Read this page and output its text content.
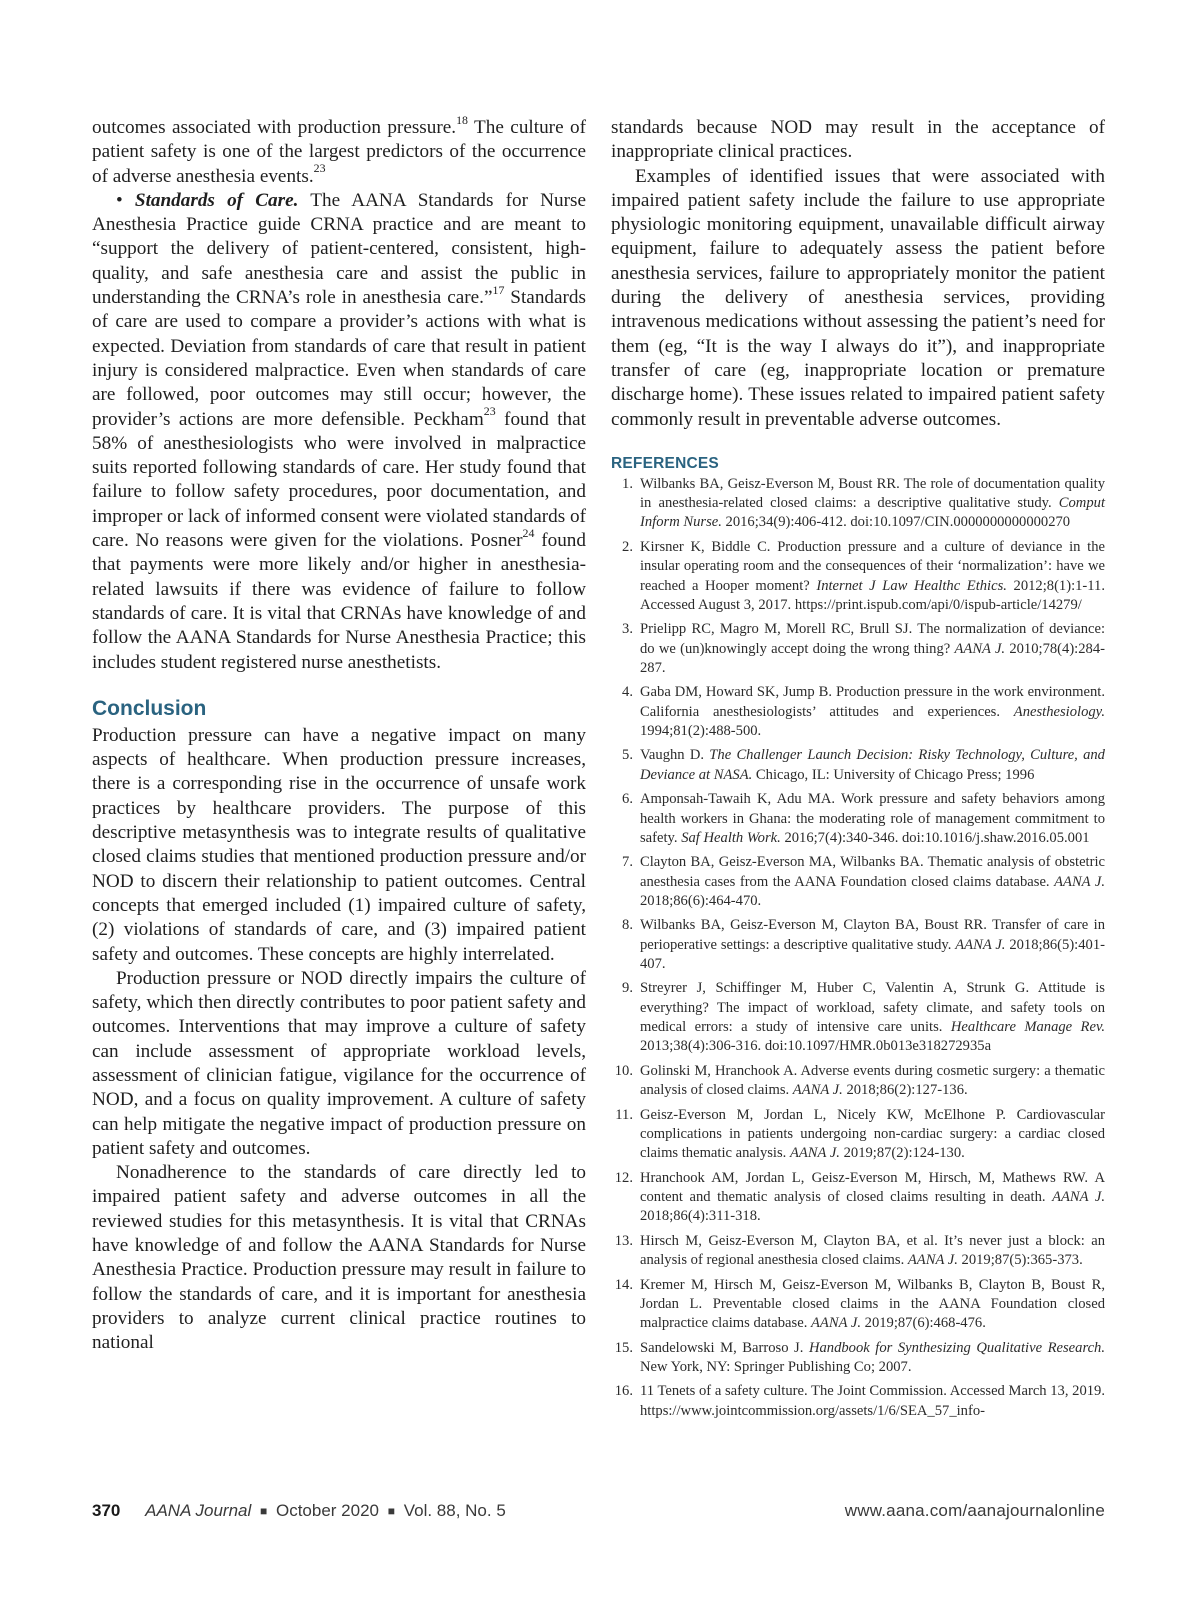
outcomes associated with production pressure.$^{18}$ The culture of patient safety is one of the largest predictors of the occurrence of adverse anesthesia events.$^{23}$

• Standards of Care. The AANA Standards for Nurse Anesthesia Practice guide CRNA practice and are meant to “support the delivery of patient-centered, consistent, high-quality, and safe anesthesia care and assist the public in understanding the CRNA’s role in anesthesia care.”$^{17}$ Standards of care are used to compare a provider’s actions with what is expected. Deviation from standards of care that result in patient injury is considered malpractice. Even when standards of care are followed, poor outcomes may still occur; however, the provider’s actions are more defensible. Peckham$^{23}$ found that 58% of anesthesiologists who were involved in malpractice suits reported following standards of care. Her study found that failure to follow safety procedures, poor documentation, and improper or lack of informed consent were violated standards of care. No reasons were given for the violations. Posner$^{24}$ found that payments were more likely and/or higher in anesthesia-related lawsuits if there was evidence of failure to follow standards of care. It is vital that CRNAs have knowledge of and follow the AANA Standards for Nurse Anesthesia Practice; this includes student registered nurse anesthetists.

Conclusion

Production pressure can have a negative impact on many aspects of healthcare. When production pressure increases, there is a corresponding rise in the occurrence of unsafe work practices by healthcare providers. The purpose of this descriptive metasynthesis was to integrate results of qualitative closed claims studies that mentioned production pressure and/or NOD to discern their relationship to patient outcomes. Central concepts that emerged included (1) impaired culture of safety, (2) violations of standards of care, and (3) impaired patient safety and outcomes. These concepts are highly interrelated.

Production pressure or NOD directly impairs the culture of safety, which then directly contributes to poor patient safety and outcomes. Interventions that may improve a culture of safety can include assessment of appropriate workload levels, assessment of clinician fatigue, vigilance for the occurrence of NOD, and a focus on quality improvement. A culture of safety can help mitigate the negative impact of production pressure on patient safety and outcomes.

Nonadherence to the standards of care directly led to impaired patient safety and adverse outcomes in all the reviewed studies for this metasynthesis. It is vital that CRNAs have knowledge of and follow the AANA Standards for Nurse Anesthesia Practice. Production pressure may result in failure to follow the standards of care, and it is important for anesthesia providers to analyze current clinical practice routines to national

standards because NOD may result in the acceptance of inappropriate clinical practices.

Examples of identified issues that were associated with impaired patient safety include the failure to use appropriate physiologic monitoring equipment, unavailable difficult airway equipment, failure to adequately assess the patient before anesthesia services, failure to appropriately monitor the patient during the delivery of anesthesia services, providing intravenous medications without assessing the patient’s need for them (eg, “It is the way I always do it”), and inappropriate transfer of care (eg, inappropriate location or premature discharge home). These issues related to impaired patient safety commonly result in preventable adverse outcomes.

REFERENCES
1. Wilbanks BA, Geisz-Everson M, Boust RR. The role of documentation quality in anesthesia-related closed claims: a descriptive qualitative study. Comput Inform Nurse. 2016;34(9):406-412. doi:10.1097/CIN.0000000000000270
2. Kirsner K, Biddle C. Production pressure and a culture of deviance in the insular operating room and the consequences of their ‘normalization’: have we reached a Hooper moment? Internet J Law Healthc Ethics. 2012;8(1):1-11. Accessed August 3, 2017. https://print.ispub.com/api/0/ispub-article/14279/
3. Prielipp RC, Magro M, Morell RC, Brull SJ. The normalization of deviance: do we (un)knowingly accept doing the wrong thing? AANA J. 2010;78(4):284-287.
4. Gaba DM, Howard SK, Jump B. Production pressure in the work environment. California anesthesiologists’ attitudes and experiences. Anesthesiology. 1994;81(2):488-500.
5. Vaughn D. The Challenger Launch Decision: Risky Technology, Culture, and Deviance at NASA. Chicago, IL: University of Chicago Press; 1996
6. Amponsah-Tawaih K, Adu MA. Work pressure and safety behaviors among health workers in Ghana: the moderating role of management commitment to safety. Saf Health Work. 2016;7(4):340-346. doi:10.1016/j.shaw.2016.05.001
7. Clayton BA, Geisz-Everson MA, Wilbanks BA. Thematic analysis of obstetric anesthesia cases from the AANA Foundation closed claims database. AANA J. 2018;86(6):464-470.
8. Wilbanks BA, Geisz-Everson M, Clayton BA, Boust RR. Transfer of care in perioperative settings: a descriptive qualitative study. AANA J. 2018;86(5):401-407.
9. Streyrer J, Schiffinger M, Huber C, Valentin A, Strunk G. Attitude is everything? The impact of workload, safety climate, and safety tools on medical errors: a study of intensive care units. Healthcare Manage Rev. 2013;38(4):306-316. doi:10.1097/HMR.0b013e318272935a
10. Golinski M, Hranchook A. Adverse events during cosmetic surgery: a thematic analysis of closed claims. AANA J. 2018;86(2):127-136.
11. Geisz-Everson M, Jordan L, Nicely KW, McElhone P. Cardiovascular complications in patients undergoing non-cardiac surgery: a cardiac closed claims thematic analysis. AANA J. 2019;87(2):124-130.
12. Hranchook AM, Jordan L, Geisz-Everson M, Hirsch, M, Mathews RW. A content and thematic analysis of closed claims resulting in death. AANA J. 2018;86(4):311-318.
13. Hirsch M, Geisz-Everson M, Clayton BA, et al. It’s never just a block: an analysis of regional anesthesia closed claims. AANA J. 2019;87(5):365-373.
14. Kremer M, Hirsch M, Geisz-Everson M, Wilbanks B, Clayton B, Boust R, Jordan L. Preventable closed claims in the AANA Foundation closed malpractice claims database. AANA J. 2019;87(6):468-476.
15. Sandelowski M, Barroso J. Handbook for Synthesizing Qualitative Research. New York, NY: Springer Publishing Co; 2007.
16. 11 Tenets of a safety culture. The Joint Commission. Accessed March 13, 2019. https://www.jointcommission.org/assets/1/6/SEA_57_info-
370 AANA Journal ■ October 2020 ■ Vol. 88, No. 5	www.aana.com/aanajournalonline
